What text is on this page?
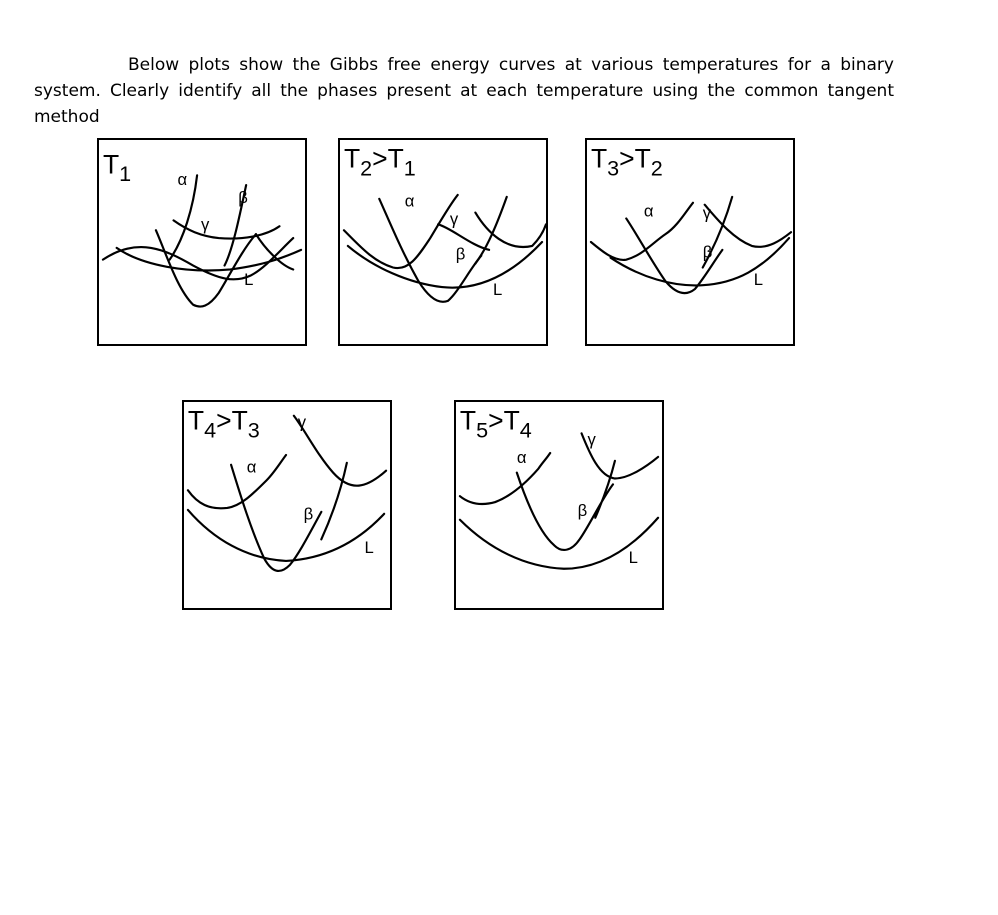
Below plots show the Gibbs free energy curves at various temperatures for a binary system. Clearly identify all the phases present at each temperature using the common tangent method

$T_1$	α
β
γ
L
$T_2>T_1$
α
β
γ
L
$T_3>T_2$
α
β
γ
L
$T_4>T_3$
α
β
γ
L
$T_5>T_4$
α
β
γ
L
